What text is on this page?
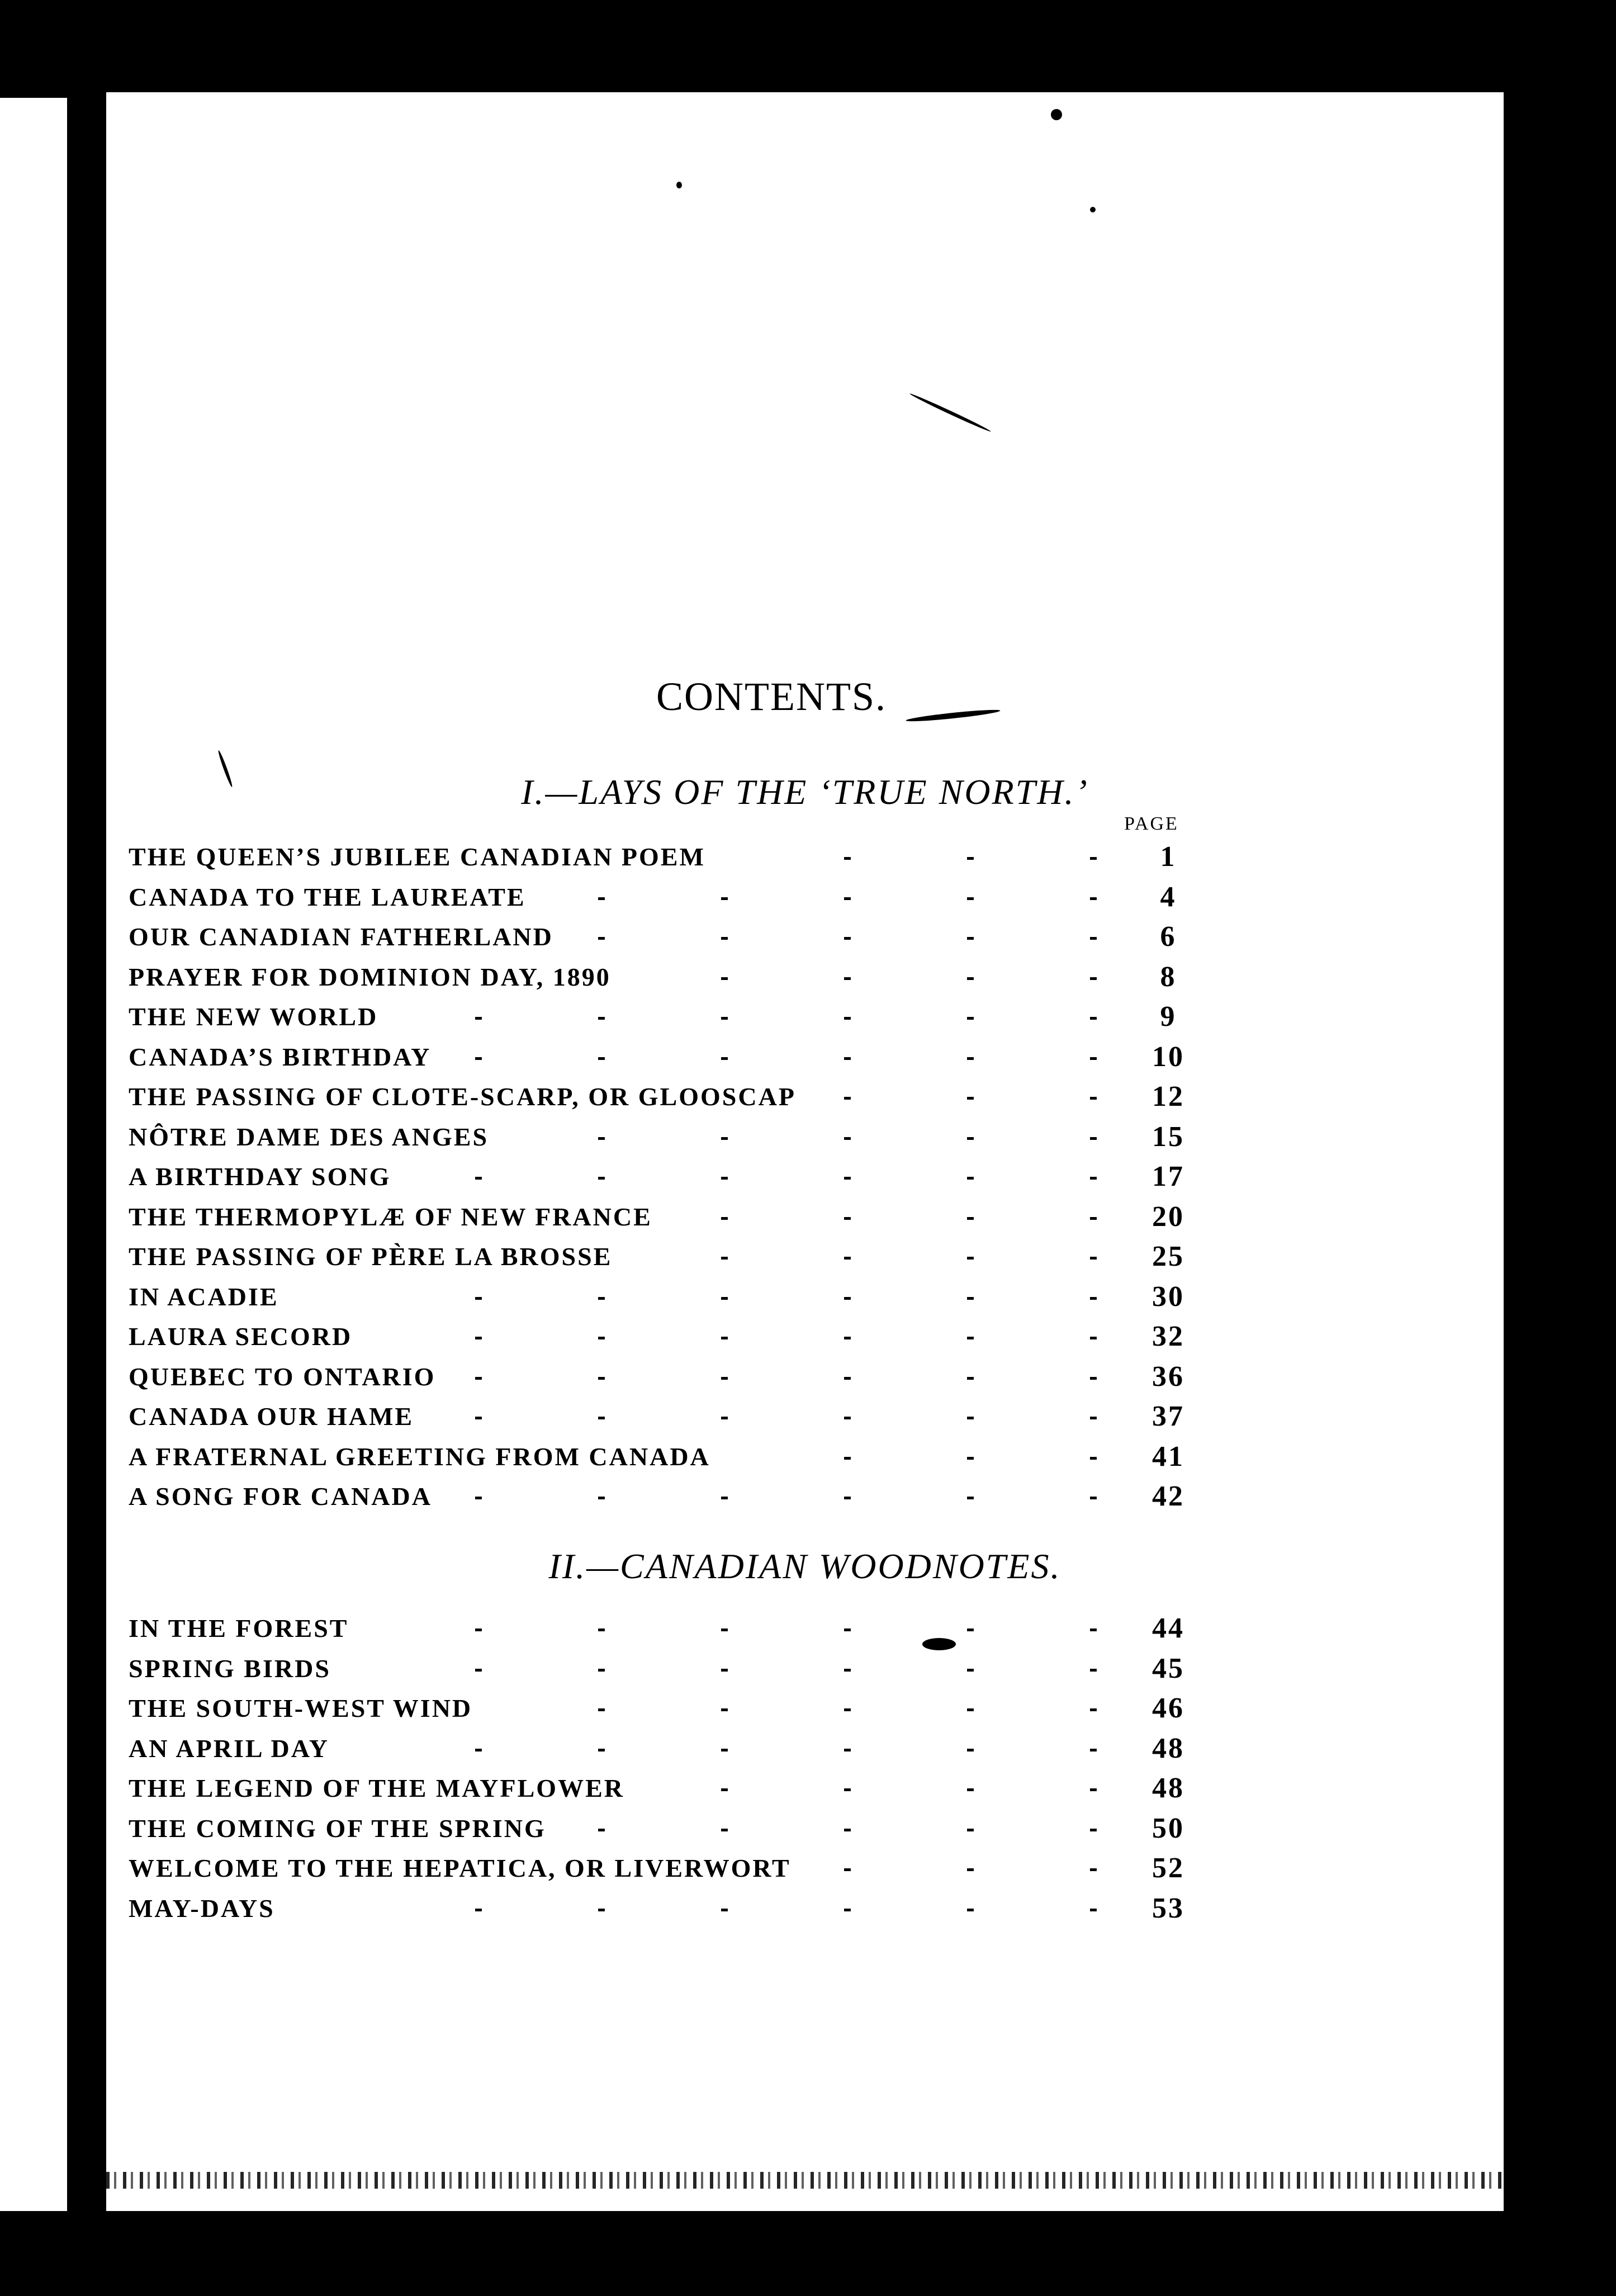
CONTENTS.
I.—LAYS OF THE ‘TRUE NORTH.’
PAGE
THE QUEEN’S JUBILEE CANADIAN POEM	1
CANADA TO THE LAUREATE	4
OUR CANADIAN FATHERLAND	6
PRAYER FOR DOMINION DAY, 1890	8
THE NEW WORLD	9
CANADA’S BIRTHDAY	10
THE PASSING OF CLOTE-SCARP, OR GLOOSCAP	12
NÔTRE DAME DES ANGES	15
A BIRTHDAY SONG	17
THE THERMOPYLÆ OF NEW FRANCE	20
THE PASSING OF PÈRE LA BROSSE	25
IN ACADIE	30
LAURA SECORD	32
QUEBEC TO ONTARIO	36
CANADA OUR HAME	37
A FRATERNAL GREETING FROM CANADA	41
A SONG FOR CANADA	42
II.—CANADIAN WOODNOTES.
IN THE FOREST	44
SPRING BIRDS	45
THE SOUTH-WEST WIND	46
AN APRIL DAY	48
THE LEGEND OF THE MAYFLOWER	48
THE COMING OF THE SPRING	50
WELCOME TO THE HEPATICA, OR LIVERWORT	52
MAY-DAYS	53
